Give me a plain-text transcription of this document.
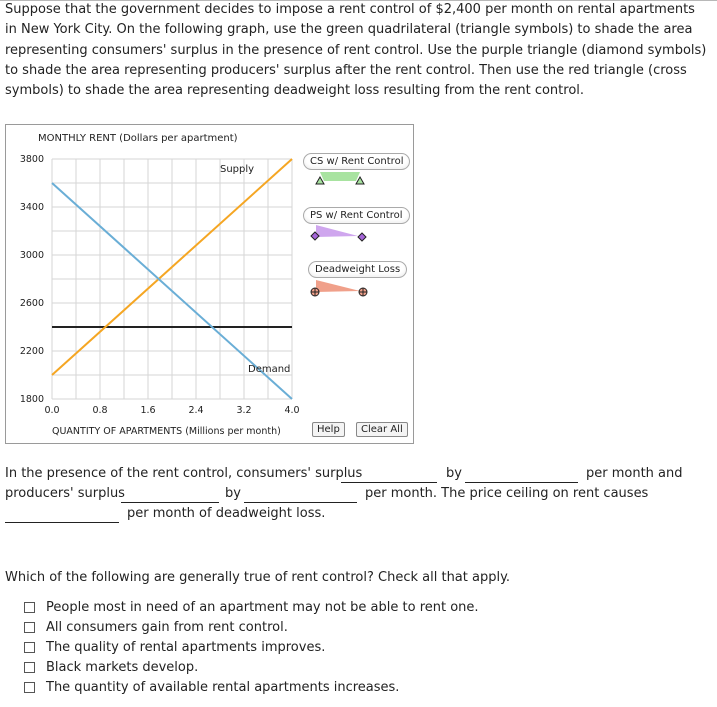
Suppose that the government decides to impose a rent control of $2,400 per month on rental apartments in New York City. On the following graph, use the green quadrilateral (triangle symbols) to shade the area representing consumers' surplus in the presence of rent control. Use the purple triangle (diamond symbols) to shade the area representing producers' surplus after the rent control. Then use the red triangle (cross symbols) to shade the area representing deadweight loss resulting from the rent control.

MONTHLY RENT (Dollars per apartment)
1800
2200
2600
3000
3400
3800
0.0	0.8	1.6	2.4	3.2	4.0
Supply
Demand
QUANTITY OF APARTMENTS (Millions per month)
CS w/ Rent Control
PS w/ Rent Control
Deadweight Loss
Help	Clear All
In the presence of the rent control, consumers' surplus	by	per month and
producers' surplus	by	per month. The price ceiling on rent causes
per month of deadweight loss.
Which of the following are generally true of rent control? Check all that apply.
People most in need of an apartment may not be able to rent one.
All consumers gain from rent control.
The quality of rental apartments improves.
Black markets develop.
The quantity of available rental apartments increases.
